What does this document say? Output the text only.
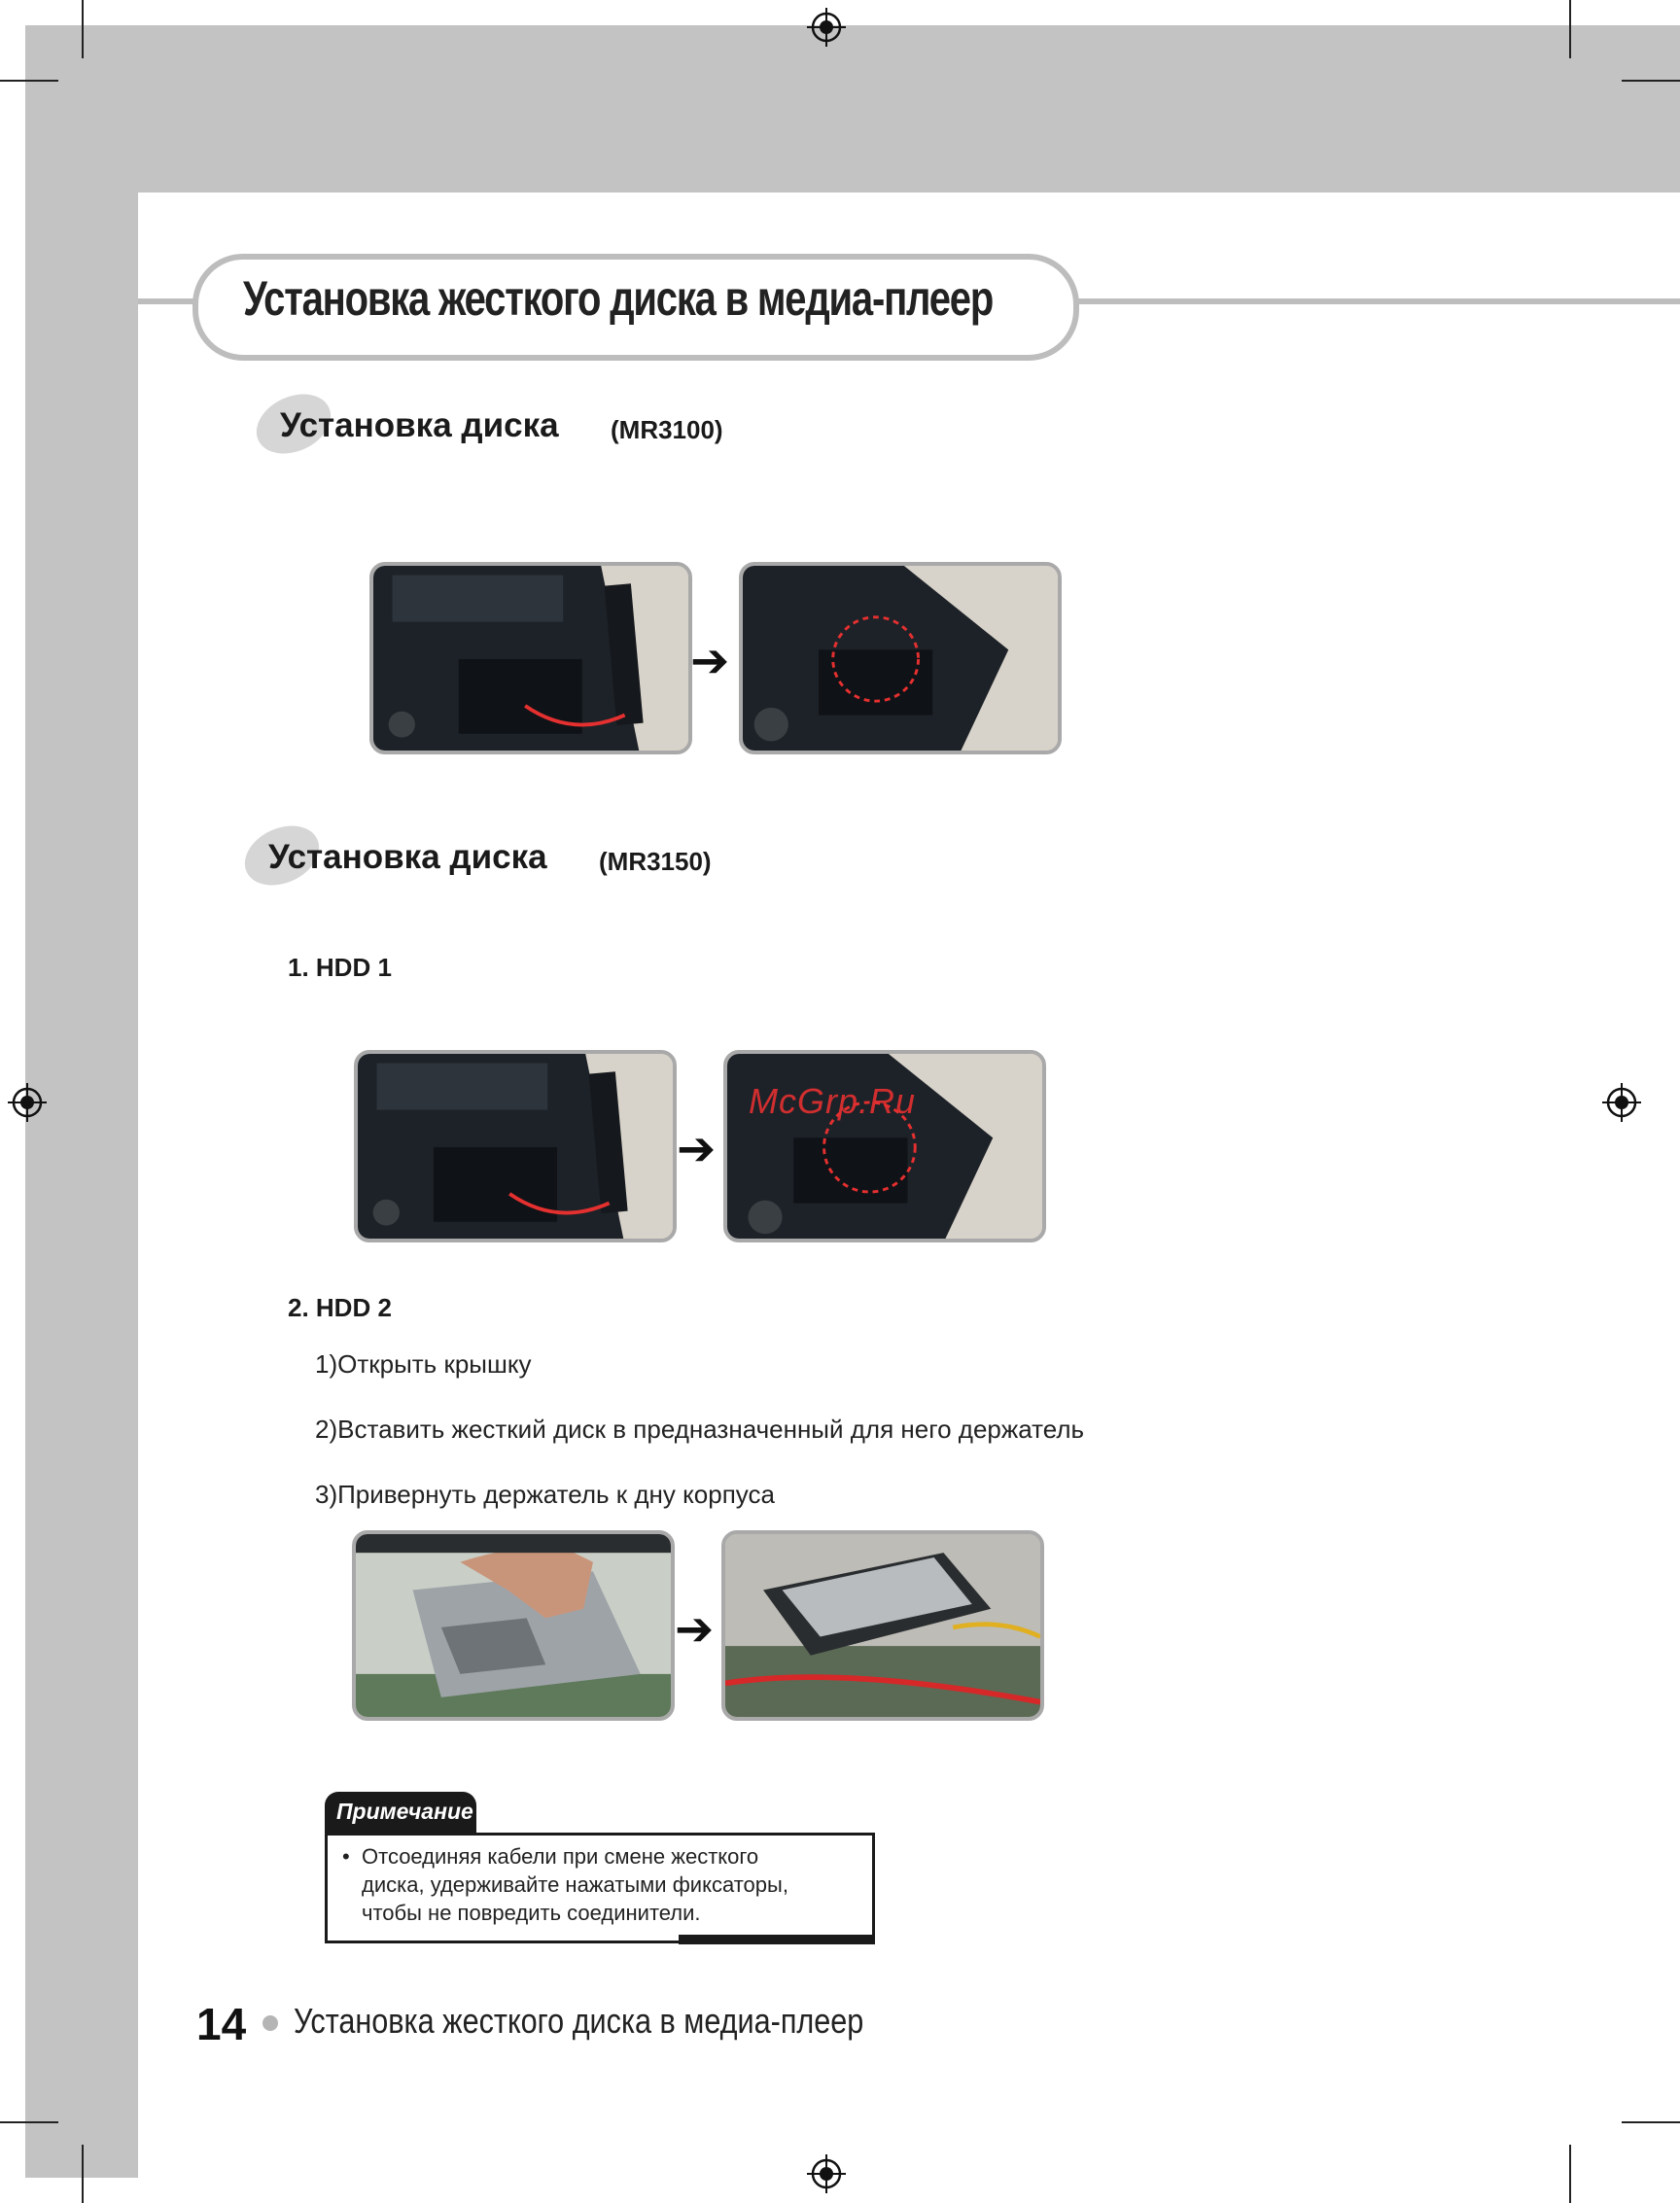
Установка жесткого диска в медиа-плеер
Установка диска (MR3100)
➔
Установка диска (MR3150)
1. HDD 1
➔
McGrp.Ru
2. HDD 2
1)Открыть крышку
2)Вставить жесткий диск в предназначенный для него держатель
3)Привернуть держатель к дну корпуса
➔
Примечание
• Отсоединяя кабели при смене жесткого
диска, удерживайте нажатыми фиксаторы,
чтобы не повредить соединители.
14 Установка жесткого диска в медиа-плеер
